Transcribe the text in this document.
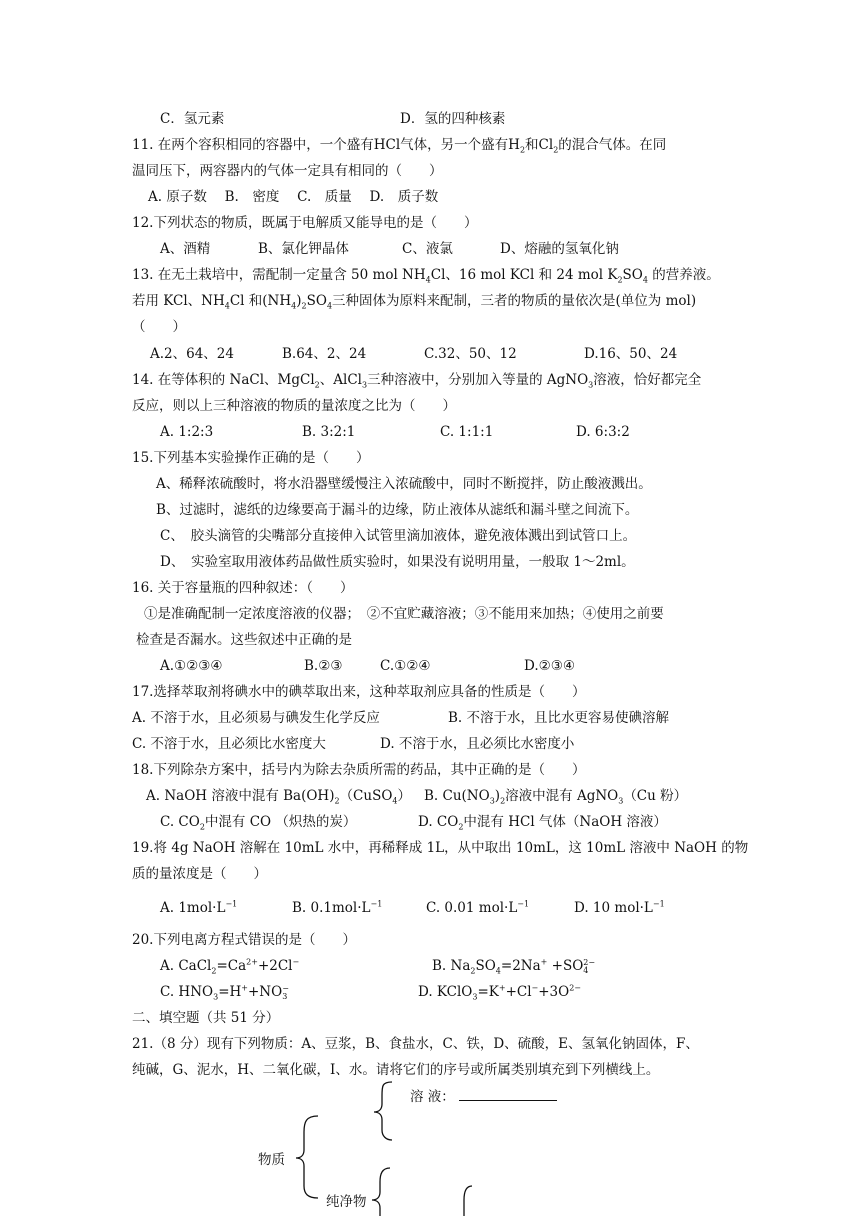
C．氢元素	D．氢的四种核素
11. 在两个容积相同的容器中，一个盛有HCl气体，另一个盛有$H_2$和$Cl_2$的混合气体。在同
温同压下，两容器内的气体一定具有相同的（　　）
A. 原子数　 B.　密度　 C.　质量　 D.　质子数
12.下列状态的物质，既属于电解质又能导电的是（　　）
A、酒精	B、氯化钾晶体	C、液氯	D、熔融的氢氧化钠
13. 在无土栽培中，需配制一定量含 50 mol $NH_4Cl$、16 mol KCl 和 24 mol $K_2SO_4$ 的营养液。
若用 KCl、$NH_4Cl$ 和$(NH_4)_2SO_4$三种固体为原料来配制，三者的物质的量依次是(单位为 mol)
（　　）
A.2、64、24	B.64、2、24	C.32、50、12	D.16、50、24
14. 在等体积的 NaCl、MgCl$_2$、AlCl$_3$三种溶液中，分别加入等量的 AgNO$_3$溶液，恰好都完全
反应，则以上三种溶液的物质的量浓度之比为（　　）
A. 1:2:3	B. 3:2:1	C. 1:1:1	D. 6:3:2
15.下列基本实验操作正确的是（　　）
A、稀释浓硫酸时，将水沿器壁缓慢注入浓硫酸中，同时不断搅拌，防止酸液溅出。
B、过滤时，滤纸的边缘要高于漏斗的边缘，防止液体从滤纸和漏斗壁之间流下。
C、　胶头滴管的尖嘴部分直接伸入试管里滴加液体，避免液体溅出到试管口上。
D、　实验室取用液体药品做性质实验时，如果没有说明用量，一般取 1～2ml。
16. 关于容量瓶的四种叙述：（　　）
①是准确配制一定浓度溶液的仪器；　②不宜贮藏溶液；③不能用来加热；④使用之前要
检查是否漏水。这些叙述中正确的是
A.①②③④	B.②③	C.①②④	D.②③④
17.选择萃取剂将碘水中的碘萃取出来，这种萃取剂应具备的性质是（　　）
A. 不溶于水，且必须易与碘发生化学反应	B. 不溶于水，且比水更容易使碘溶解
C. 不溶于水，且必须比水密度大	D. 不溶于水，且必须比水密度小
18.下列除杂方案中，括号内为除去杂质所需的药品，其中正确的是（　　）
A. NaOH 溶液中混有 $Ba(OH)_2(CuSO_4)$ B. $Cu(NO_3)_2$溶液中混有 AgNO$_3$（Cu 粉）
C. $CO_2$中混有 CO （炽热的炭）	D. $CO_2$中混有 HCl 气体（NaOH 溶液）
19.将 4g NaOH 溶解在 10mL 水中，再稀释成 1L，从中取出 10mL，这 10mL 溶液中 NaOH 的物
质的量浓度是（　　）
A. $1mol\cdot L^{-1}$	B. $0.1mol\cdot L^{-1}$	C. 0.01 $mol\cdot L^{-1}$	D. 10 $mol\cdot L^{-1}$
20.下列电离方程式错误的是（　　）
A. $CaCl_2=Ca^{2+}+2Cl^-$	B. $Na_2SO_4=2Na^+ +SO$ 2−
4
C. $HNO_3=H^++NO$ −
3	D. $KClO_3=K^++Cl^-+3O^{2-}$
二、填空题（共 51 分）
21.（8 分）现有下列物质：A、豆浆，B、食盐水，C、铁，D、硫酸，E、氢氧化钠固体，F、
纯碱，G、泥水，H、二氧化碳，I、水。请将它们的序号或所属类别填充到下列横线上。
溶 液：
物质
纯净物
